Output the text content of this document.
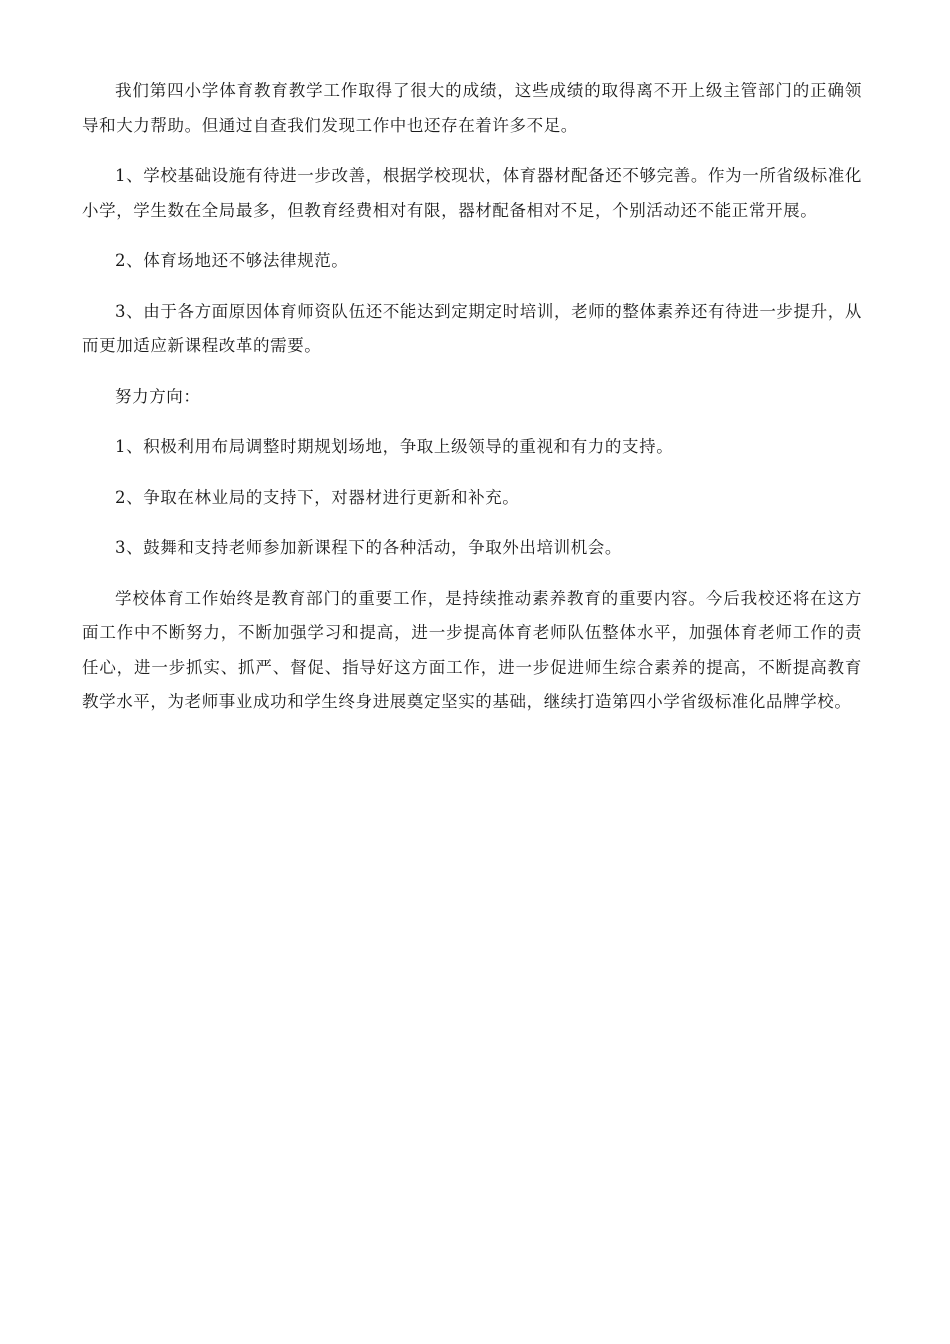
我们第四小学体育教育教学工作取得了很大的成绩，这些成绩的取得离不开上级主管部门的正确领导和大力帮助。但通过自查我们发现工作中也还存在着许多不足。

1、学校基础设施有待进一步改善，根据学校现状，体育器材配备还不够完善。作为一所省级标准化小学，学生数在全局最多，但教育经费相对有限，器材配备相对不足，个别活动还不能正常开展。

2、体育场地还不够法律规范。

3、由于各方面原因体育师资队伍还不能达到定期定时培训，老师的整体素养还有待进一步提升，从而更加适应新课程改革的需要。

努力方向：

1、积极利用布局调整时期规划场地，争取上级领导的重视和有力的支持。

2、争取在林业局的支持下，对器材进行更新和补充。

3、鼓舞和支持老师参加新课程下的各种活动，争取外出培训机会。

学校体育工作始终是教育部门的重要工作，是持续推动素养教育的重要内容。今后我校还将在这方面工作中不断努力，不断加强学习和提高，进一步提高体育老师队伍整体水平，加强体育老师工作的责任心，进一步抓实、抓严、督促、指导好这方面工作，进一步促进师生综合素养的提高，不断提高教育教学水平，为老师事业成功和学生终身进展奠定坚实的基础，继续打造第四小学省级标准化品牌学校。
